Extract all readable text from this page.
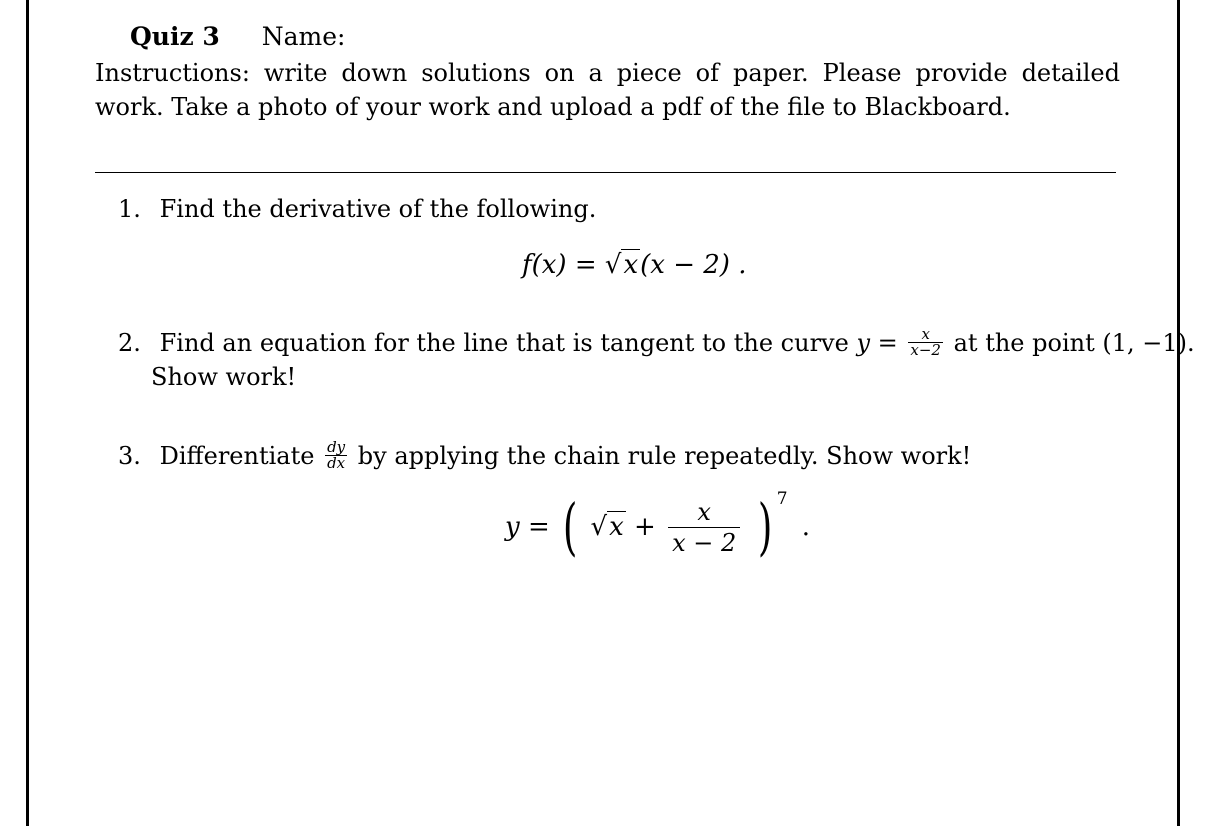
Quiz 3 Name:
Instructions: write down solutions on a piece of paper. Please provide detailed work. Take a photo of your work and upload a pdf of the file to Blackboard.
1. Find the derivative of the following.
f(x) = √x(x − 2) .
2. Find an equation for the line that is tangent to the curve $y = \frac{x}{x-2}$ at the point (1, −1).
Show work!
3. Differentiate $\frac{dy}{dx}$ by applying the chain rule repeatedly. Show work!
y = ( $√x + \frac{x}{x - 2}$ ) $^7$ .
